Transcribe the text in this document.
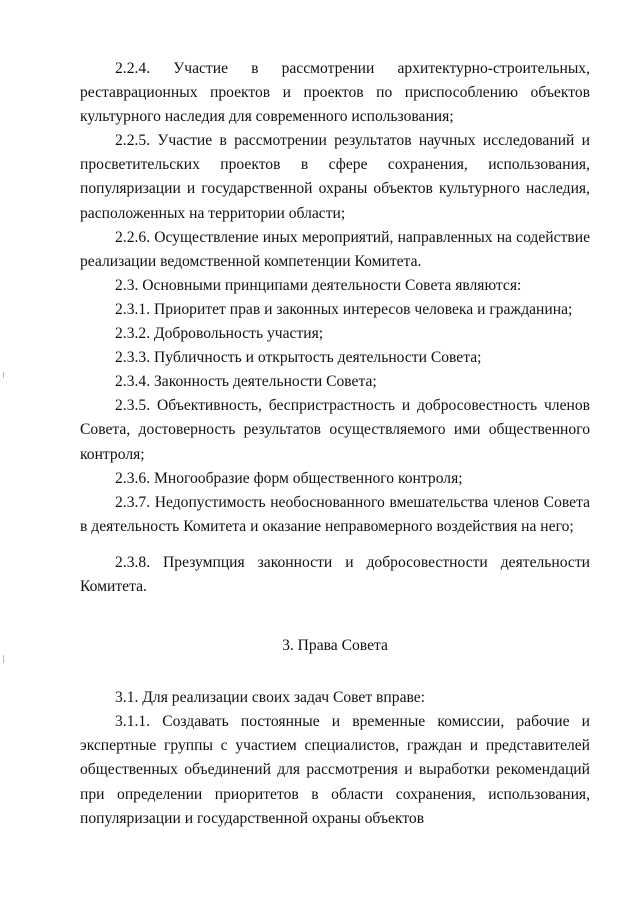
2.2.4. Участие в рассмотрении архитектурно-строительных, реставрационных проектов и проектов по приспособлению объектов культурного наследия для современного использования;

2.2.5. Участие в рассмотрении результатов научных исследований и просветительских проектов в сфере сохранения, использования, популяризации и государственной охраны объектов культурного наследия, расположенных на территории области;

2.2.6. Осуществление иных мероприятий, направленных на содействие реализации ведомственной компетенции Комитета.

2.3. Основными принципами деятельности Совета являются:

2.3.1. Приоритет прав и законных интересов человека и гражданина;

2.3.2. Добровольность участия;

2.3.3. Публичность и открытость деятельности Совета;

2.3.4. Законность деятельности Совета;

2.3.5. Объективность, беспристрастность и добросовестность членов Совета, достоверность результатов осуществляемого ими общественного контроля;

2.3.6. Многообразие форм общественного контроля;

2.3.7. Недопустимость необоснованного вмешательства членов Совета в деятельность Комитета и оказание неправомерного воздействия на него;

2.3.8. Презумпция законности и добросовестности деятельности Комитета.

3. Права Совета

3.1. Для реализации своих задач Совет вправе:

3.1.1. Создавать постоянные и временные комиссии, рабочие и экспертные группы с участием специалистов, граждан и представителей общественных объединений для рассмотрения и выработки рекомендаций при определении приоритетов в области сохранения, использования, популяризации и государственной охраны объектов
